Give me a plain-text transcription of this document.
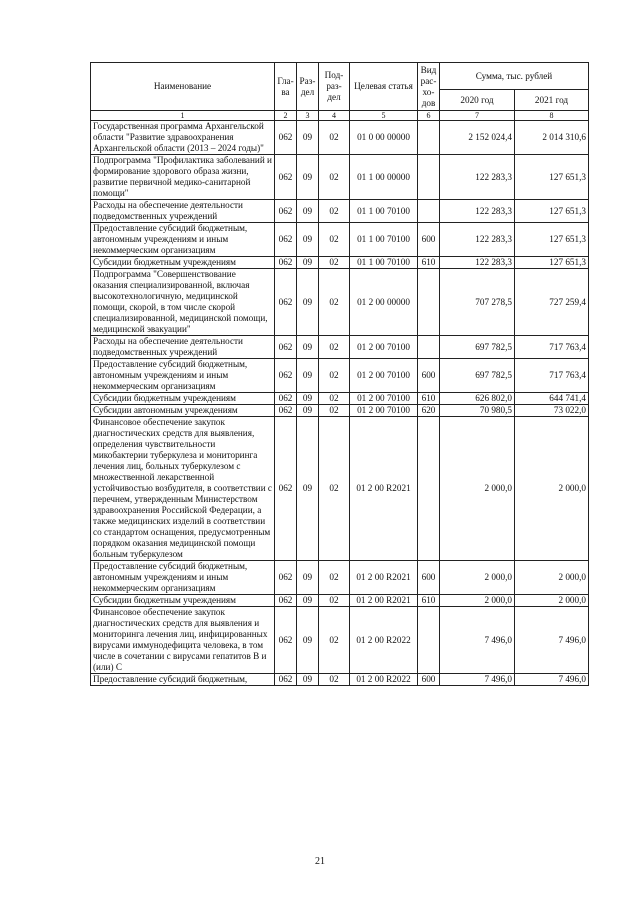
Наименование	Гла-ва	Раз-дел	Под-раз-дел	Целевая статья	Вид рас-хо-дов	Сумма, тыс. рублей	
						2020 год	2021 год
1	2	3	4	5	6	7	8
Государственная программа Архангельской области "Развитие здравоохранения Архангельской области (2013 – 2024 годы)"	062	09	02	01 0 00 00000		2 152 024,4	2 014 310,6
Подпрограмма "Профилактика заболеваний и формирование здорового образа жизни, развитие первичной медико-санитарной помощи"	062	09	02	01 1 00 00000		122 283,3	127 651,3
Расходы на обеспечение деятельности подведомственных учреждений	062	09	02	01 1 00 70100		122 283,3	127 651,3
Предоставление субсидий бюджетным, автономным учреждениям и иным некоммерческим организациям	062	09	02	01 1 00 70100	600	122 283,3	127 651,3
Субсидии бюджетным учреждениям	062	09	02	01 1 00 70100	610	122 283,3	127 651,3
Подпрограмма "Совершенствование оказания специализированной, включая высокотехнологичную, медицинской помощи, скорой, в том числе скорой специализированной, медицинской помощи, медицинской эвакуации"	062	09	02	01 2 00 00000		707 278,5	727 259,4
Расходы на обеспечение деятельности подведомственных учреждений	062	09	02	01 2 00 70100		697 782,5	717 763,4
Предоставление субсидий бюджетным, автономным учреждениям и иным некоммерческим организациям	062	09	02	01 2 00 70100	600	697 782,5	717 763,4
Субсидии бюджетным учреждениям	062	09	02	01 2 00 70100	610	626 802,0	644 741,4
Субсидии автономным учреждениям	062	09	02	01 2 00 70100	620	70 980,5	73 022,0
Финансовое обеспечение закупок диагностических средств для выявления, определения чувствительности микобактерии туберкулеза и мониторинга лечения лиц, больных туберкулезом с множественной лекарственной устойчивостью возбудителя, в соответствии с перечнем, утвержденным Министерством здравоохранения Российской Федерации, а также медицинских изделий в соответствии со стандартом оснащения, предусмотренным порядком оказания медицинской помощи больным туберкулезом	062	09	02	01 2 00 R2021		2 000,0	2 000,0
Предоставление субсидий бюджетным, автономным учреждениям и иным некоммерческим организациям	062	09	02	01 2 00 R2021	600	2 000,0	2 000,0
Субсидии бюджетным учреждениям	062	09	02	01 2 00 R2021	610	2 000,0	2 000,0
Финансовое обеспечение закупок диагностических средств для выявления и мониторинга лечения лиц, инфицированных вирусами иммунодефицита человека, в том числе в сочетании с вирусами гепатитов В и (или) С	062	09	02	01 2 00 R2022		7 496,0	7 496,0
Предоставление субсидий бюджетным,	062	09	02	01 2 00 R2022	600	7 496,0	7 496,0
21
